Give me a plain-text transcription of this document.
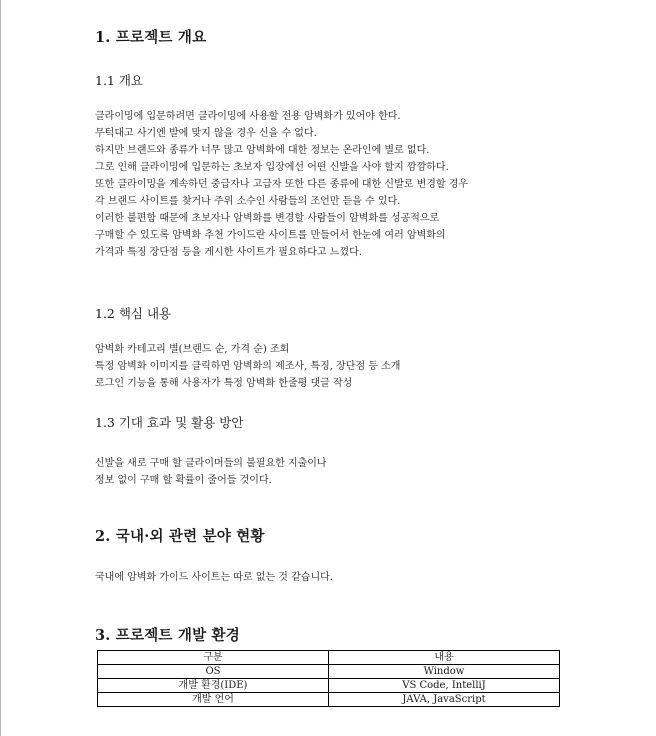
1. 프로젝트 개요
1.1 개요
클라이밍에 입문하려면 클라이밍에 사용할 전용 암벽화가 있어야 한다.
무턱대고 사기엔 발에 맞지 않을 경우 신을 수 없다.
하지만 브랜드와 종류가 너무 많고 암벽화에 대한 정보는 온라인에 별로 없다.
그로 인해 클라이밍에 입문하는 초보자 입장에선 어떤 신발을 사야 할지 깜깜하다.
또한 클라이밍을 계속하던 중급자나 고급자 또한 다른 종류에 대한 신발로 변경할 경우
각 브랜드 사이트를 찾거나 주위 소수인 사람들의 조언만 듣을 수 있다.
이러한 불편함 때문에 초보자나 암벽화를 변경할 사람들이 암벽화를 성공적으로
구매할 수 있도록 암벽화 추천 가이드란 사이트를 만들어서 한눈에 여러 암벽화의
가격과 특징 장단점 등을 게시한 사이트가 필요하다고 느꼈다.
1.2 핵심 내용
암벽화 카테고리 별(브랜드 순, 가격 순) 조회
특정 암벽화 이미지를 클릭하면 암벽화의 제조사, 특징, 장단점 등 소개
로그인 기능을 통해 사용자가 특정 암벽화 한줄평 댓글 작성
1.3 기대 효과 및 활용 방안
신발을 새로 구매 할 클라이머들의 불필요한 지출이나
정보 없이 구매 할 확률이 줄어들 것이다.
2. 국내·외 관련 분야 현황
국내에 암벽화 가이드 사이트는 따로 없는 것 같습니다.
3. 프로젝트 개발 환경
구분	내용
OS	Window
개발 환경(IDE)	VS Code, IntelliJ
개발 언어	JAVA, JavaScript
